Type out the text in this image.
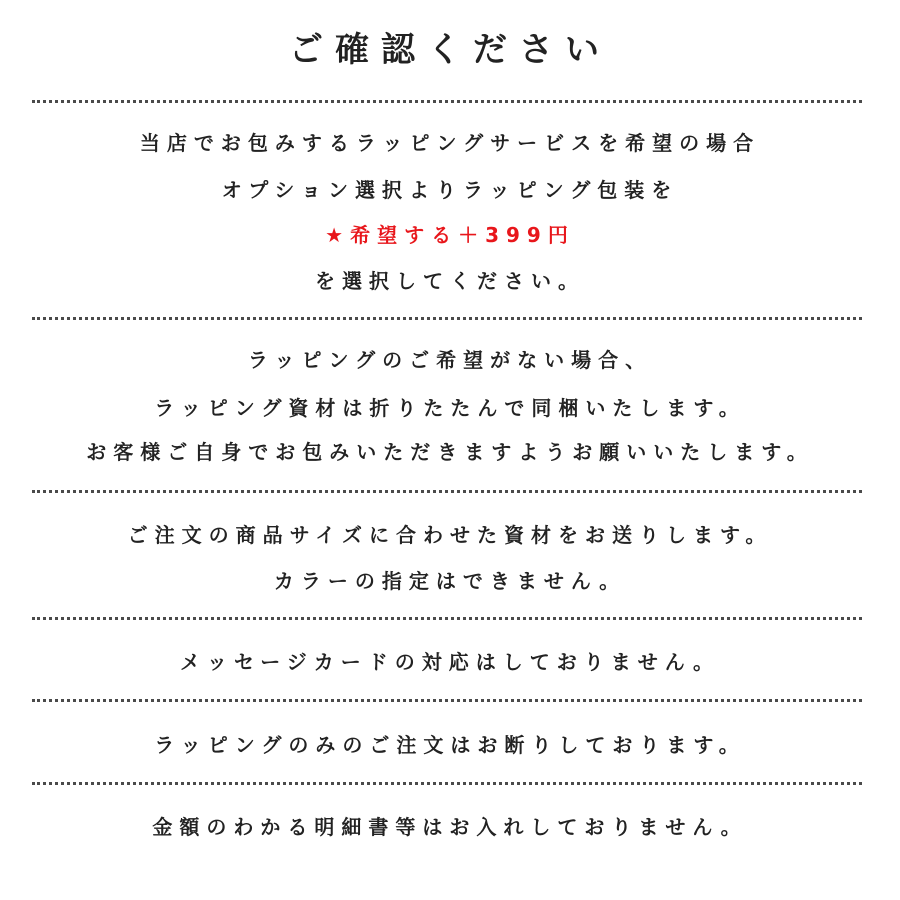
ご確認ください
当店でお包みするラッピングサービスを希望の場合
オプション選択よりラッピング包装を
★希望する＋399円
を選択してください。
ラッピングのご希望がない場合、
ラッピング資材は折りたたんで同梱いたします。
お客様ご自身でお包みいただきますようお願いいたします。
ご注文の商品サイズに合わせた資材をお送りします。
カラーの指定はできません。
メッセージカードの対応はしておりません。
ラッピングのみのご注文はお断りしております。
金額のわかる明細書等はお入れしておりません。
